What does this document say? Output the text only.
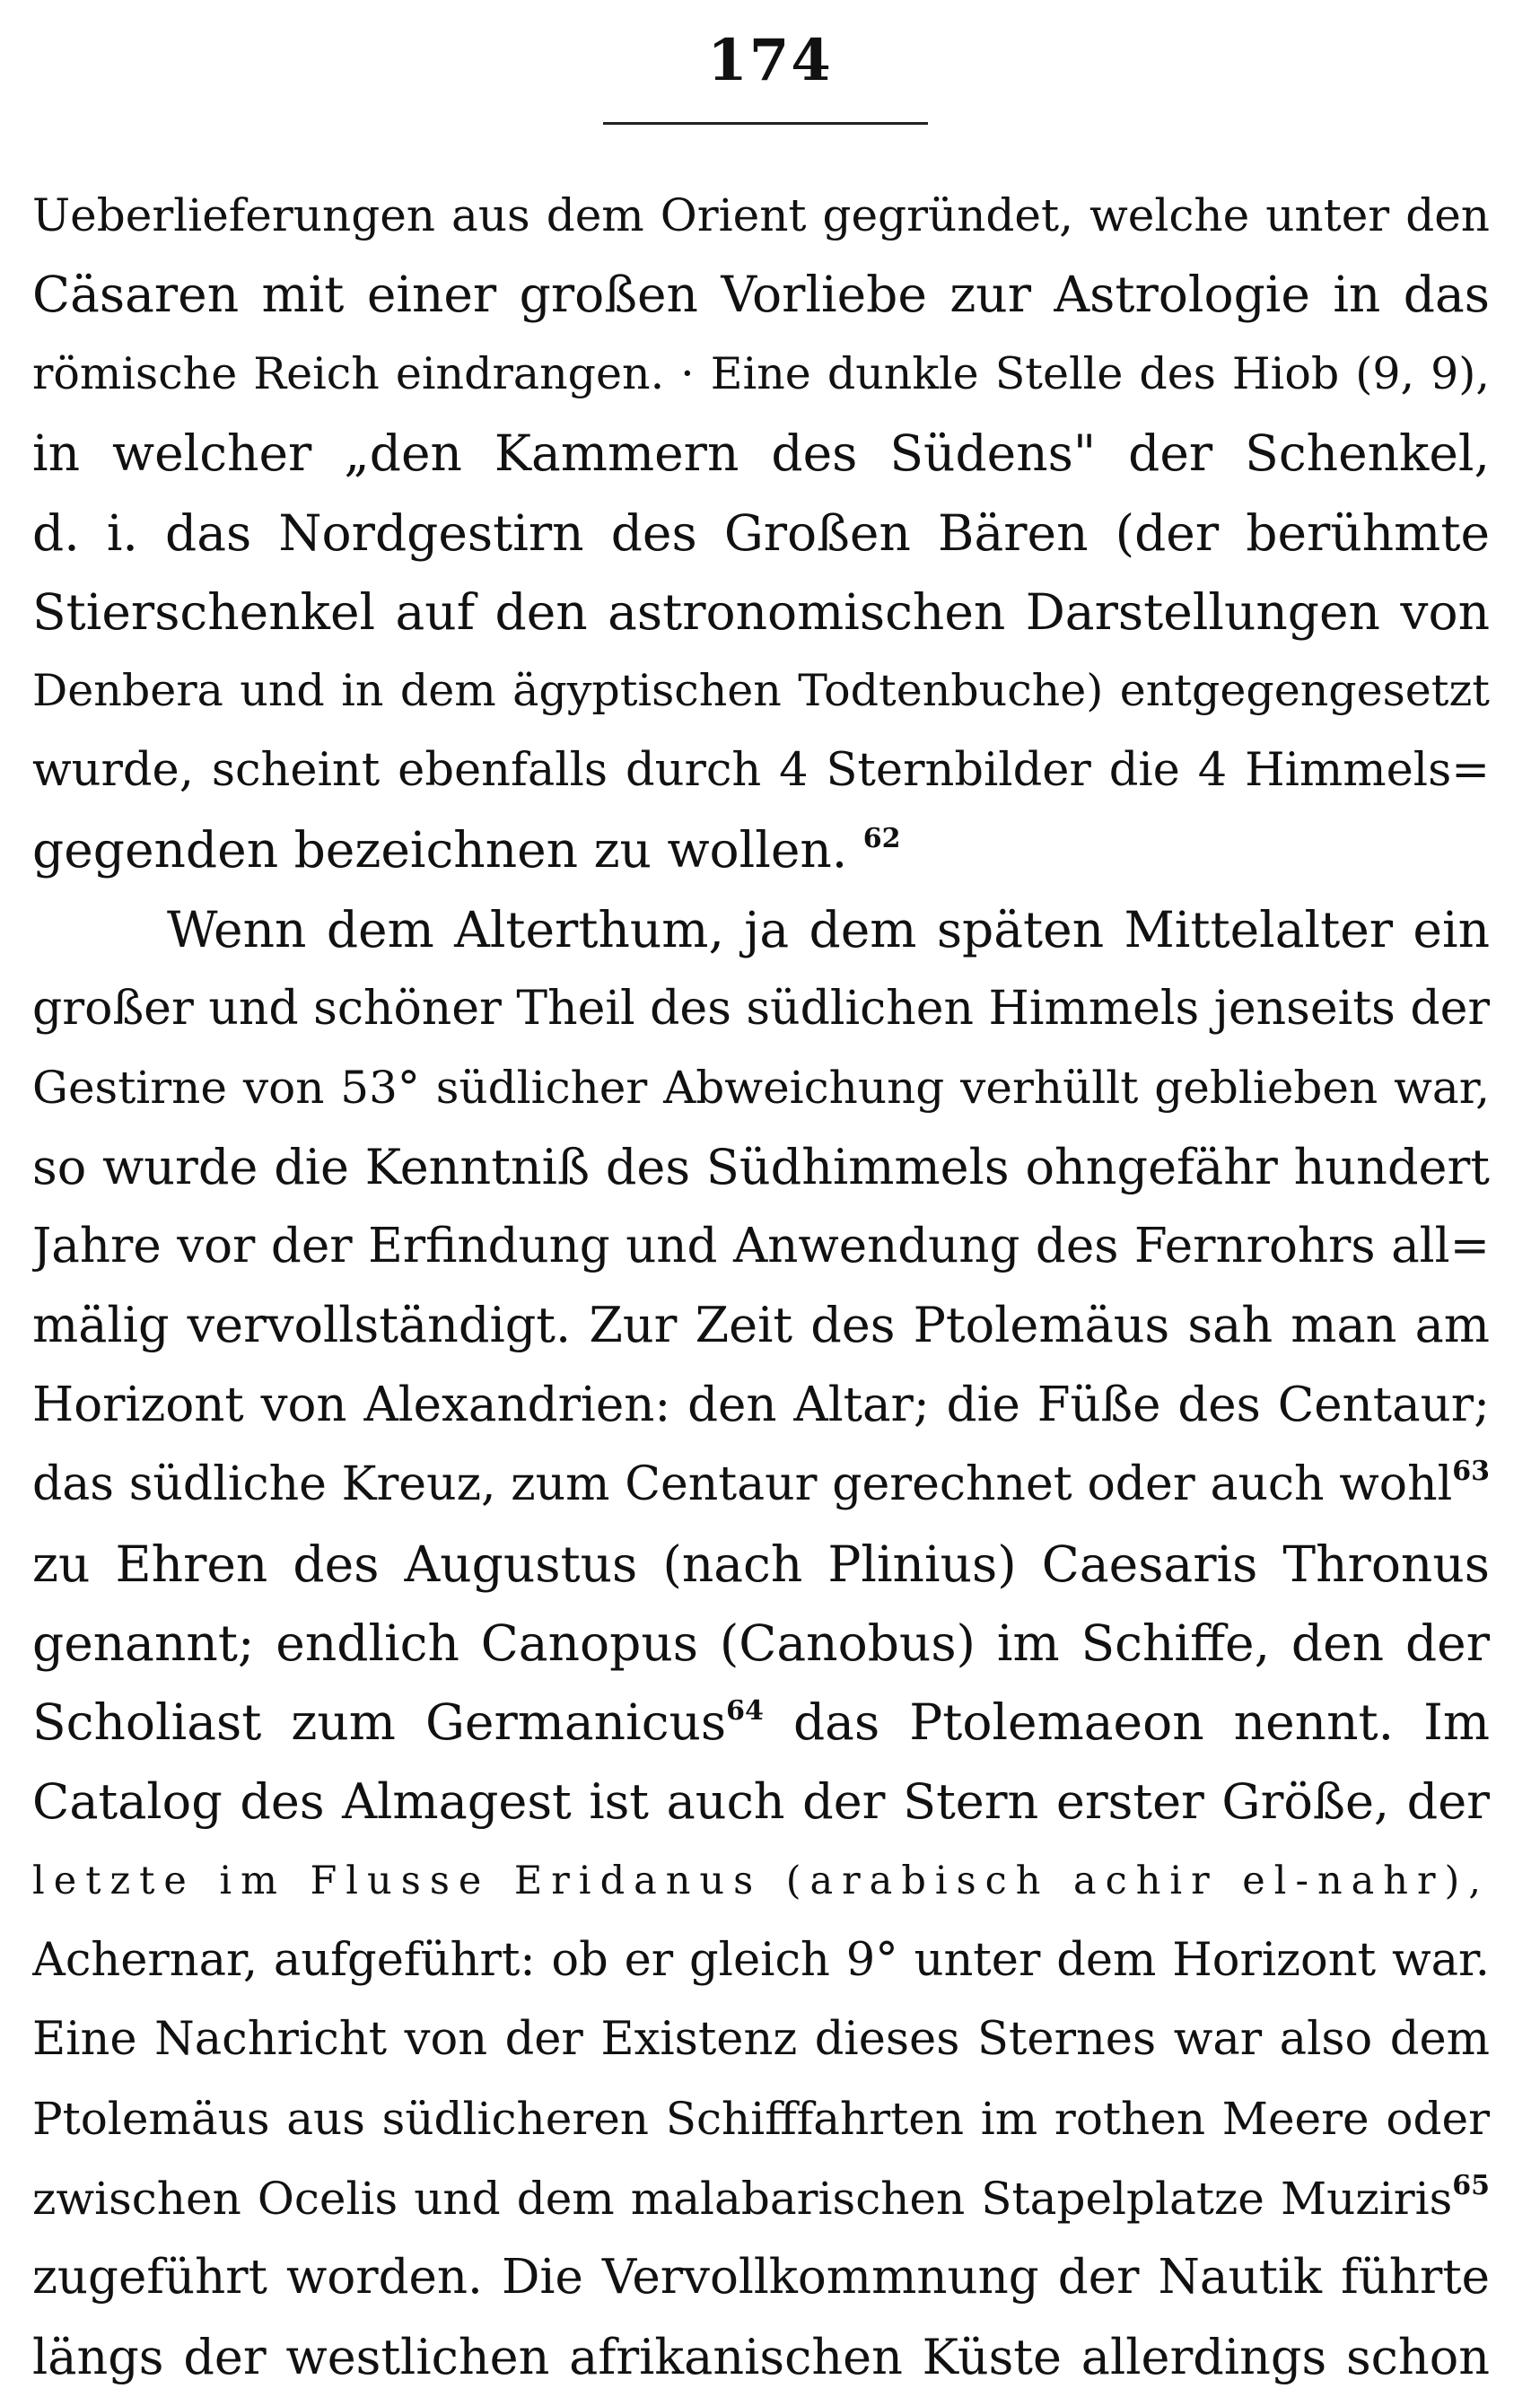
174
Ueberlieferungen aus dem Orient gegründet, welche unter den
Cäsaren mit einer großen Vorliebe zur Astrologie in das
römische Reich eindrangen. · Eine dunkle Stelle des Hiob (9, 9),
in welcher „den Kammern des Südens" der Schenkel,
d. i. das Nordgestirn des Großen Bären (der berühmte
Stierschenkel auf den astronomischen Darstellungen von
Denbera und in dem ägyptischen Todtenbuche) entgegengesetzt
wurde, scheint ebenfalls durch 4 Sternbilder die 4 Himmels=
gegenden bezeichnen zu wollen. $^{62}$
Wenn dem Alterthum, ja dem späten Mittelalter ein
großer und schöner Theil des südlichen Himmels jenseits der
Gestirne von 53° südlicher Abweichung verhüllt geblieben war,
so wurde die Kenntniß des Südhimmels ohngefähr hundert
Jahre vor der Erfindung und Anwendung des Fernrohrs all=
mälig vervollständigt. Zur Zeit des Ptolemäus sah man am
Horizont von Alexandrien: den Altar; die Füße des Centaur;
das südliche Kreuz, zum Centaur gerechnet oder auch wohl$^{63}$
zu Ehren des Augustus (nach Plinius) Caesaris Thronus
genannt; endlich Canopus (Canobus) im Schiffe, den der
Scholiast zum Germanicus$^{64}$ das Ptolemaeon nennt. Im
Catalog des Almagest ist auch der Stern erster Größe, der
letzte im Flusse Eridanus (arabisch achir el-nahr),
Achernar, aufgeführt: ob er gleich 9° unter dem Horizont war.
Eine Nachricht von der Existenz dieses Sternes war also dem
Ptolemäus aus südlicheren Schifffahrten im rothen Meere oder
zwischen Ocelis und dem malabarischen Stapelplatze Muziris$^{65}$
zugeführt worden. Die Vervollkommnung der Nautik führte
längs der westlichen afrikanischen Küste allerdings schon
